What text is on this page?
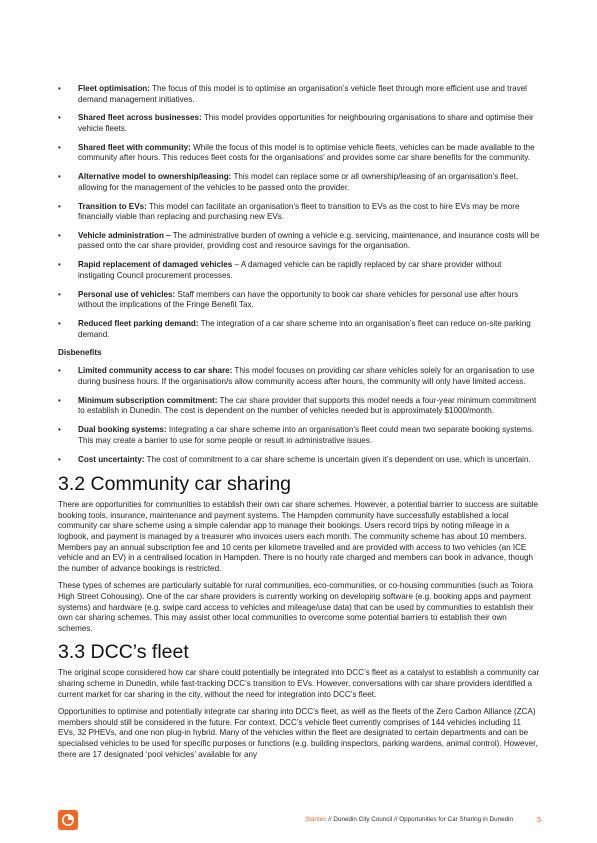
• Fleet optimisation: The focus of this model is to optimise an organisation’s vehicle fleet through more efficient use and travel demand management initiatives.
• Shared fleet across businesses: This model provides opportunities for neighbouring organisations to share and optimise their vehicle fleets.
• Shared fleet with community: While the focus of this model is to optimise vehicle fleets, vehicles can be made available to the community after hours. This reduces fleet costs for the organisations’ and provides some car share benefits for the community.
• Alternative model to ownership/leasing: This model can replace some or all ownership/leasing of an organisation’s fleet, allowing for the management of the vehicles to be passed onto the provider.
• Transition to EVs: This model can facilitate an organisation’s fleet to transition to EVs as the cost to hire EVs may be more financially viable than replacing and purchasing new EVs.
• Vehicle administration – The administrative burden of owning a vehicle e.g. servicing, maintenance, and insurance costs will be passed onto the car share provider, providing cost and resource savings for the organisation.
• Rapid replacement of damaged vehicles – A damaged vehicle can be rapidly replaced by car share provider without instigating Council procurement processes.
• Personal use of vehicles: Staff members can have the opportunity to book car share vehicles for personal use after hours without the implications of the Fringe Benefit Tax.
• Reduced fleet parking demand: The integration of a car share scheme into an organisation’s fleet can reduce on-site parking demand.
Disbenefits
• Limited community access to car share: This model focuses on providing car share vehicles solely for an organisation to use during business hours. If the organisation/s allow community access after hours, the community will only have limited access.
• Minimum subscription commitment: The car share provider that supports this model needs a four-year minimum commitment to establish in Dunedin. The cost is dependent on the number of vehicles needed but is approximately $1000/month.
• Dual booking systems: Integrating a car share scheme into an organisation’s fleet could mean two separate booking systems. This may create a barrier to use for some people or result in administrative issues.
• Cost uncertainty: The cost of commitment to a car share scheme is uncertain given it’s dependent on use, which is uncertain.
3.2 Community car sharing

There are opportunities for communities to establish their own car share schemes. However, a potential barrier to success are suitable booking tools, insurance, maintenance and payment systems. The Hampden community have successfully established a local community car share scheme using a simple calendar app to manage their bookings. Users record trips by noting mileage in a logbook, and payment is managed by a treasurer who invoices users each month. The community scheme has about 10 members. Members pay an annual subscription fee and 10 cents per kilometre travelled and are provided with access to two vehicles (an ICE vehicle and an EV) in a centralised location in Hampden. There is no hourly rate charged and members can book in advance, though the number of advance bookings is restricted.

These types of schemes are particularly suitable for rural communities, eco-communities, or co-housing communities (such as Toiora High Street Cohousing). One of the car share providers is currently working on developing software (e.g. booking apps and payment systems) and hardware (e.g. swipe card access to vehicles and mileage/use data) that can be used by communities to establish their own car sharing schemes. This may assist other local communities to overcome some potential barriers to establish their own schemes.

3.3 DCC’s fleet

The original scope considered how car share could potentially be integrated into DCC’s fleet as a catalyst to establish a community car sharing scheme in Dunedin, while fast-tracking DCC’s transition to EVs. However, conversations with car share providers identified a current market for car sharing in the city, without the need for integration into DCC’s fleet.

Opportunities to optimise and potentially integrate car sharing into DCC’s fleet, as well as the fleets of the Zero Carbon Alliance (ZCA) members should still be considered in the future. For context, DCC’s vehicle fleet currently comprises of 144 vehicles including 11 EVs, 32 PHEVs, and one non plug-in hybrid. Many of the vehicles within the fleet are designated to certain departments and can be specialised vehicles to be used for specific purposes or functions (e.g. building inspectors, parking wardens, animal control). However, there are 17 designated ‘pool vehicles’ available for any

Stantec // Dunedin City Council // Opportunities for Car Sharing in Dunedin	5
